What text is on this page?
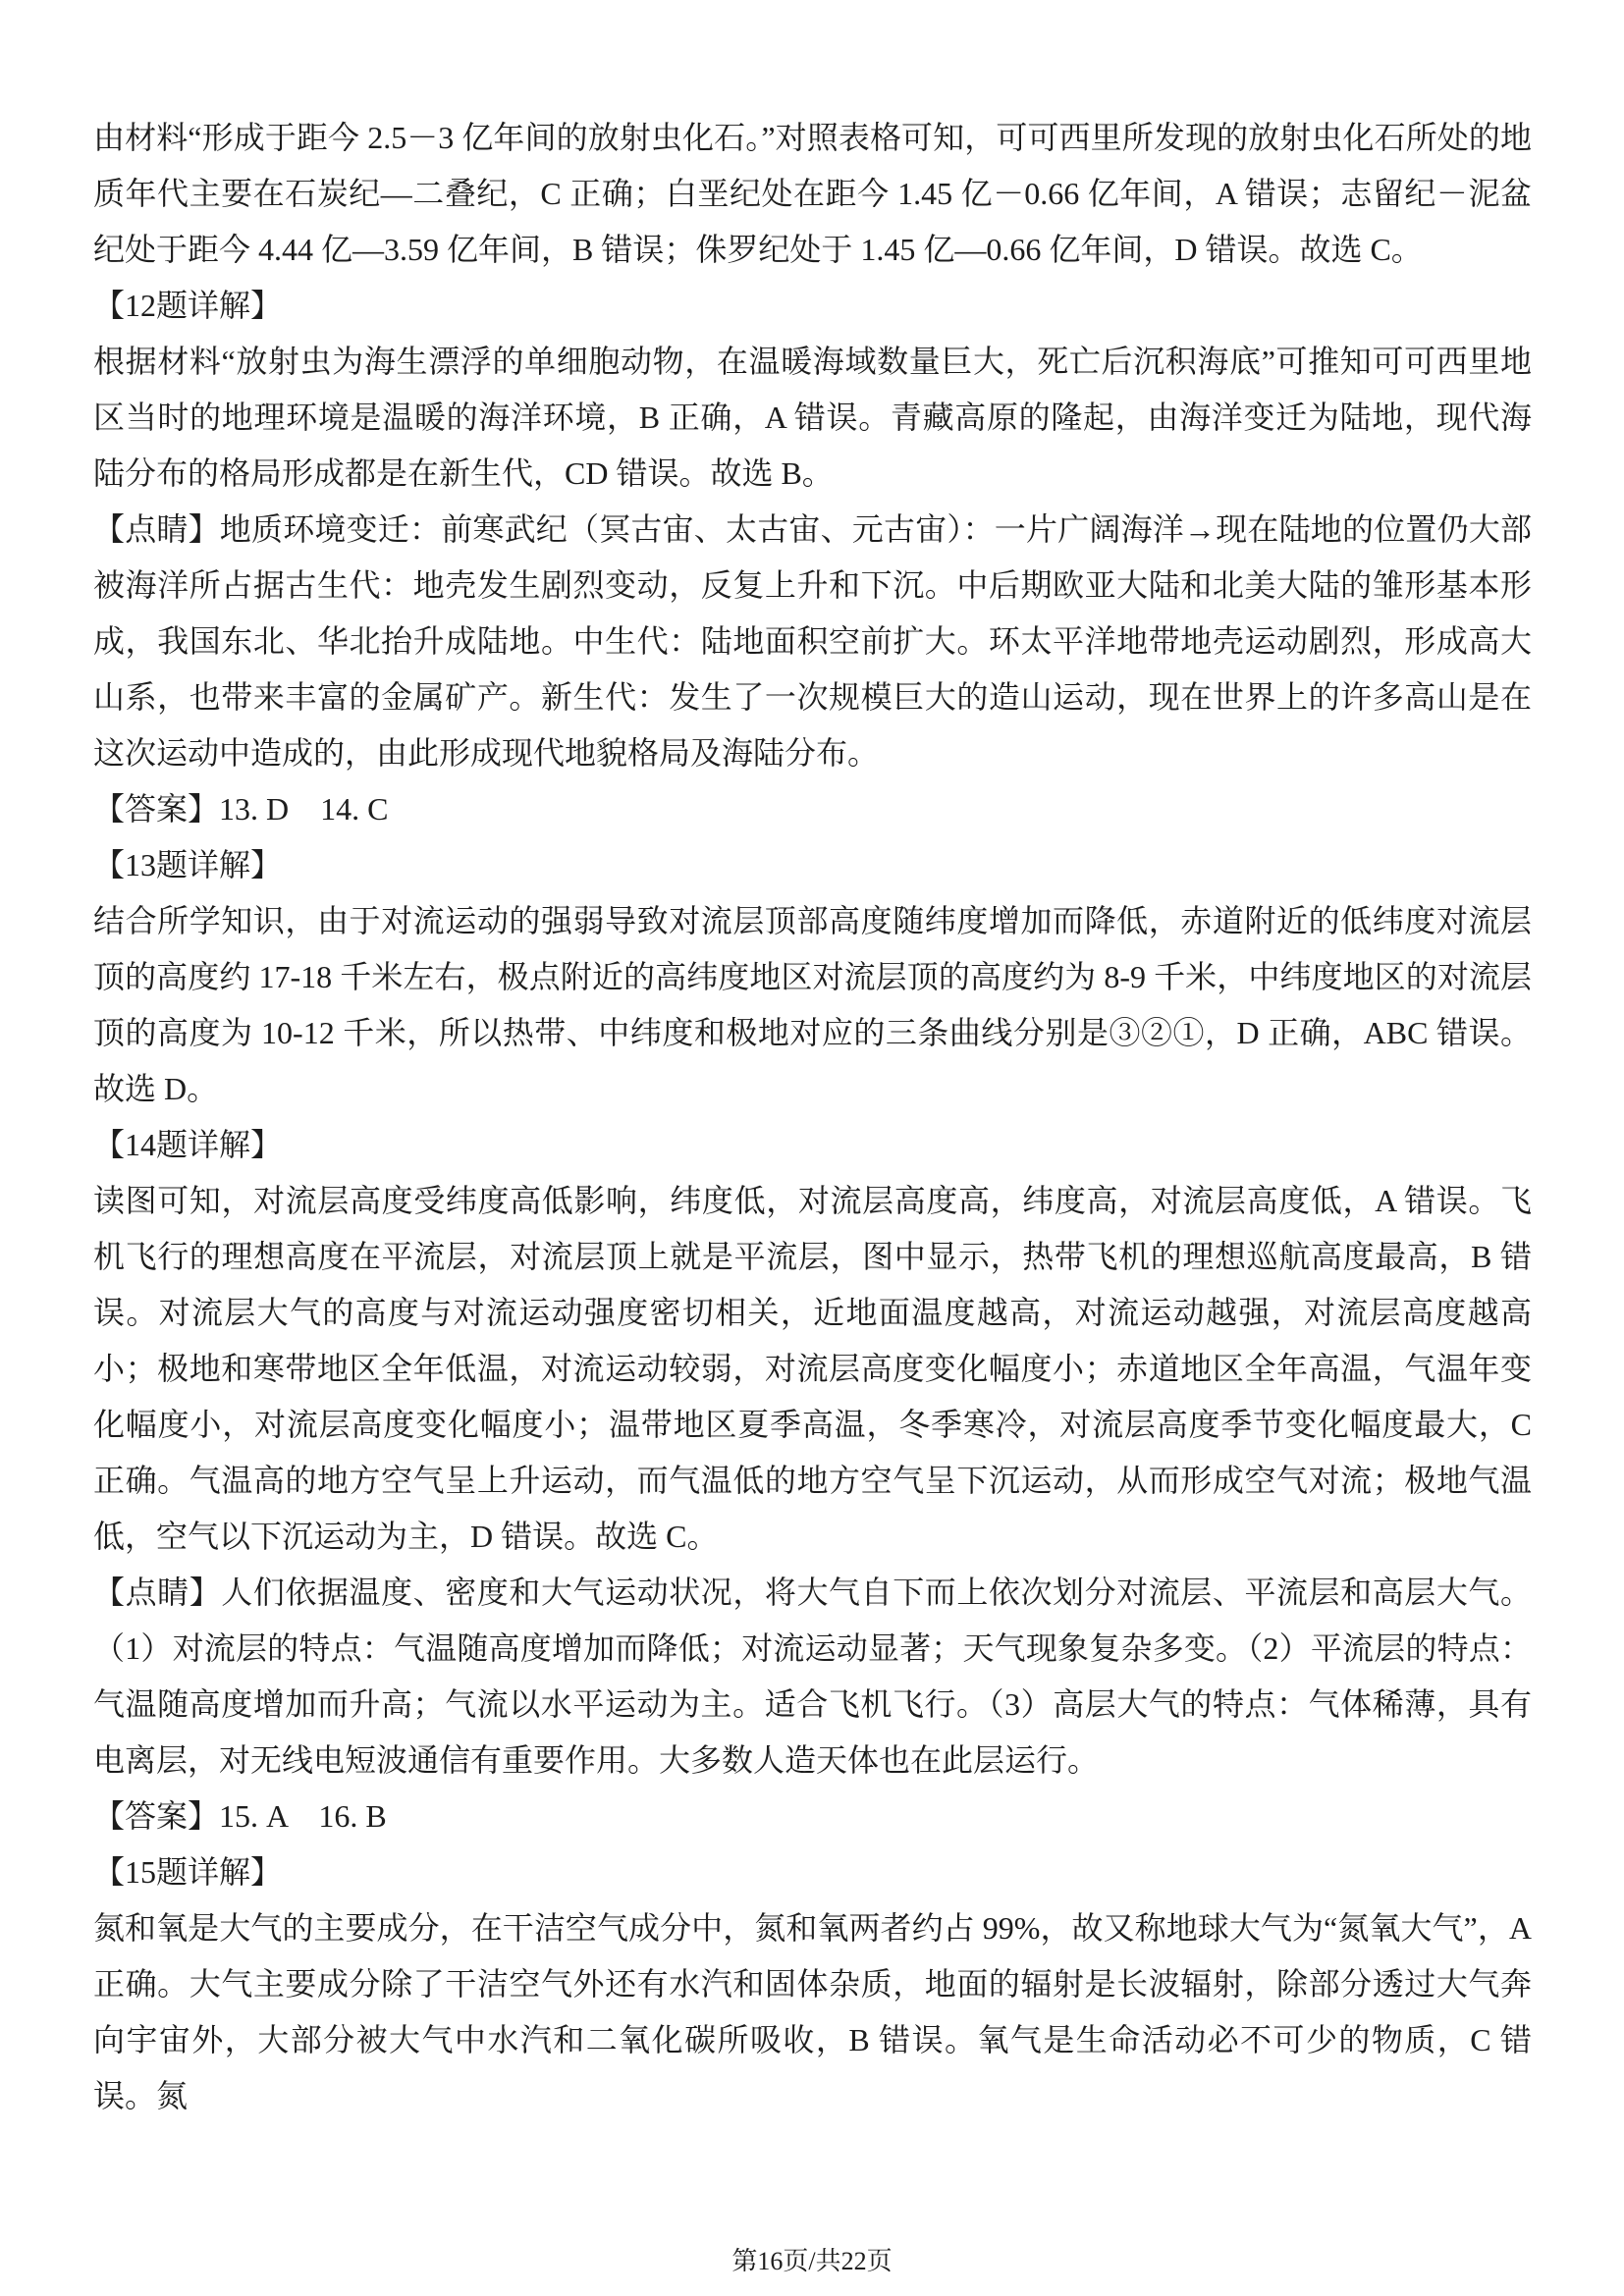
由材料“形成于距今 2.5－3 亿年间的放射虫化石。”对照表格可知，可可西里所发现的放射虫化石所处的地质年代主要在石炭纪—二叠纪，C 正确；白垩纪处在距今 1.45 亿－0.66 亿年间，A 错误；志留纪－泥盆纪处于距今 4.44 亿—3.59 亿年间，B 错误；侏罗纪处于 1.45 亿—0.66 亿年间，D 错误。故选 C。

【12题详解】

根据材料“放射虫为海生漂浮的单细胞动物，在温暖海域数量巨大，死亡后沉积海底”可推知可可西里地区当时的地理环境是温暖的海洋环境，B 正确，A 错误。青藏高原的隆起，由海洋变迁为陆地，现代海陆分布的格局形成都是在新生代，CD 错误。故选 B。

【点睛】地质环境变迁：前寒武纪（冥古宙、太古宙、元古宙）：一片广阔海洋→现在陆地的位置仍大部被海洋所占据古生代：地壳发生剧烈变动，反复上升和下沉。中后期欧亚大陆和北美大陆的雏形基本形成，我国东北、华北抬升成陆地。中生代：陆地面积空前扩大。环太平洋地带地壳运动剧烈，形成高大山系，也带来丰富的金属矿产。新生代：发生了一次规模巨大的造山运动，现在世界上的许多高山是在这次运动中造成的，由此形成现代地貌格局及海陆分布。

【答案】13. D　14. C

【13题详解】

结合所学知识，由于对流运动的强弱导致对流层顶部高度随纬度增加而降低，赤道附近的低纬度对流层顶的高度约 17-18 千米左右，极点附近的高纬度地区对流层顶的高度约为 8-9 千米，中纬度地区的对流层顶的高度为 10-12 千米，所以热带、中纬度和极地对应的三条曲线分别是③②①，D 正确，ABC 错误。故选 D。

【14题详解】

读图可知，对流层高度受纬度高低影响，纬度低，对流层高度高，纬度高，对流层高度低，A 错误。飞机飞行的理想高度在平流层，对流层顶上就是平流层，图中显示，热带飞机的理想巡航高度最高，B 错误。对流层大气的高度与对流运动强度密切相关，近地面温度越高，对流运动越强，对流层高度越高小；极地和寒带地区全年低温，对流运动较弱，对流层高度变化幅度小；赤道地区全年高温，气温年变化幅度小，对流层高度变化幅度小；温带地区夏季高温，冬季寒冷，对流层高度季节变化幅度最大，C 正确。气温高的地方空气呈上升运动，而气温低的地方空气呈下沉运动，从而形成空气对流；极地气温低，空气以下沉运动为主，D 错误。故选 C。

【点睛】人们依据温度、密度和大气运动状况，将大气自下而上依次划分对流层、平流层和高层大气。（1）对流层的特点：气温随高度增加而降低；对流运动显著；天气现象复杂多变。（2）平流层的特点：气温随高度增加而升高；气流以水平运动为主。适合飞机飞行。（3）高层大气的特点：气体稀薄，具有电离层，对无线电短波通信有重要作用。大多数人造天体也在此层运行。

【答案】15. A　16. B

【15题详解】

氮和氧是大气的主要成分，在干洁空气成分中，氮和氧两者约占 99%，故又称地球大气为“氮氧大气”，A 正确。大气主要成分除了干洁空气外还有水汽和固体杂质，地面的辐射是长波辐射，除部分透过大气奔向宇宙外，大部分被大气中水汽和二氧化碳所吸收，B 错误。氧气是生命活动必不可少的物质，C 错误。氮

第16页/共22页
